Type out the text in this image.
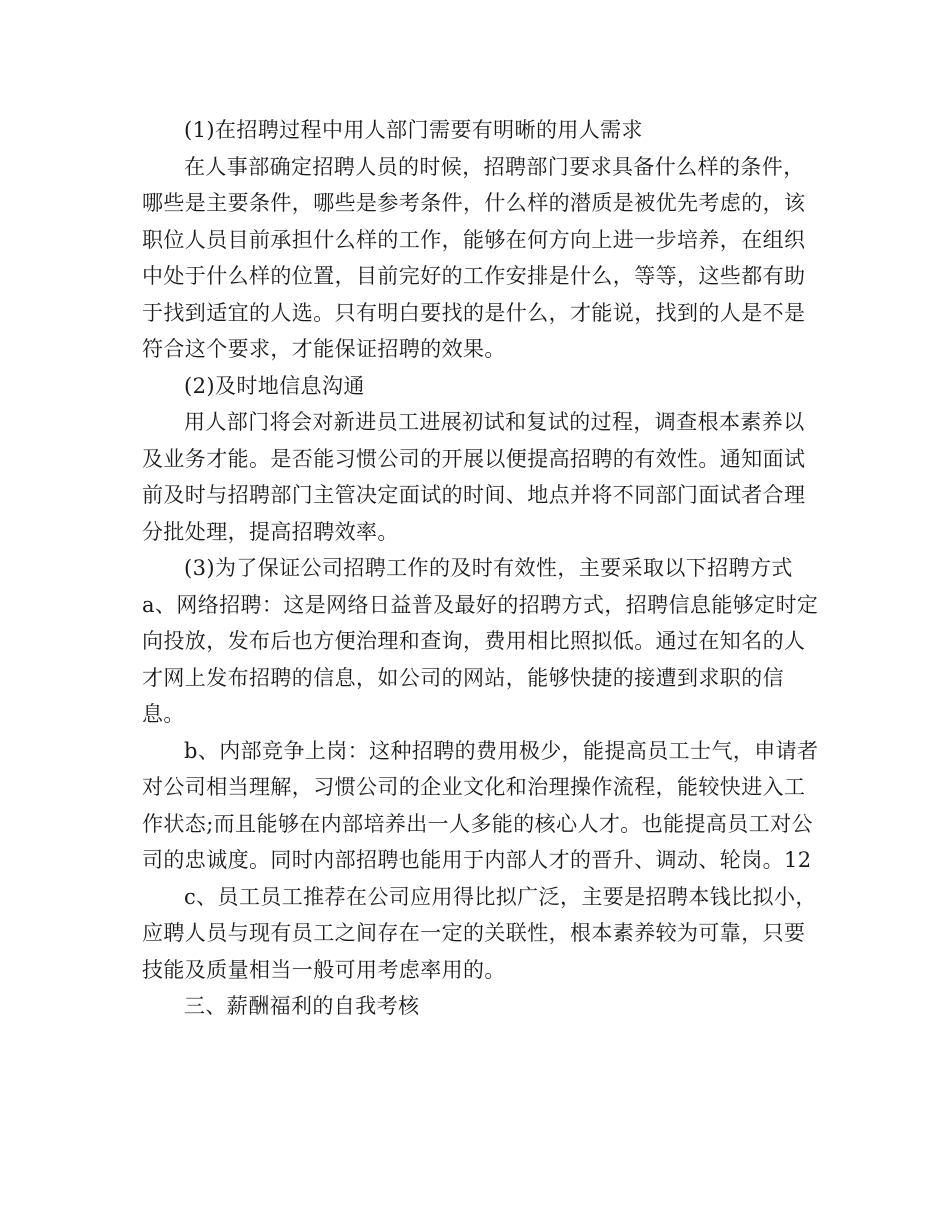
(1)在招聘过程中用人部门需要有明晰的用人需求

在人事部确定招聘人员的时候，招聘部门要求具备什么样的条件，哪些是主要条件，哪些是参考条件，什么样的潜质是被优先考虑的，该职位人员目前承担什么样的工作，能够在何方向上进一步培养，在组织中处于什么样的位置，目前完好的工作安排是什么，等等，这些都有助于找到适宜的人选。只有明白要找的是什么，才能说，找到的人是不是符合这个要求，才能保证招聘的效果。

(2)及时地信息沟通

用人部门将会对新进员工进展初试和复试的过程，调查根本素养以及业务才能。是否能习惯公司的开展以便提高招聘的有效性。通知面试前及时与招聘部门主管决定面试的时间、地点并将不同部门面试者合理分批处理，提高招聘效率。

(3)为了保证公司招聘工作的及时有效性，主要采取以下招聘方式

a、网络招聘：这是网络日益普及最好的招聘方式，招聘信息能够定时定向投放，发布后也方便治理和查询，费用相比照拟低。通过在知名的人才网上发布招聘的信息，如公司的网站，能够快捷的接遭到求职的信息。

b、内部竞争上岗：这种招聘的费用极少，能提高员工士气，申请者对公司相当理解，习惯公司的企业文化和治理操作流程，能较快进入工作状态;而且能够在内部培养出一人多能的核心人才。也能提高员工对公司的忠诚度。同时内部招聘也能用于内部人才的晋升、调动、轮岗。12

c、员工员工推荐在公司应用得比拟广泛，主要是招聘本钱比拟小，应聘人员与现有员工之间存在一定的关联性，根本素养较为可靠，只要技能及质量相当一般可用考虑率用的。

三、薪酬福利的自我考核
